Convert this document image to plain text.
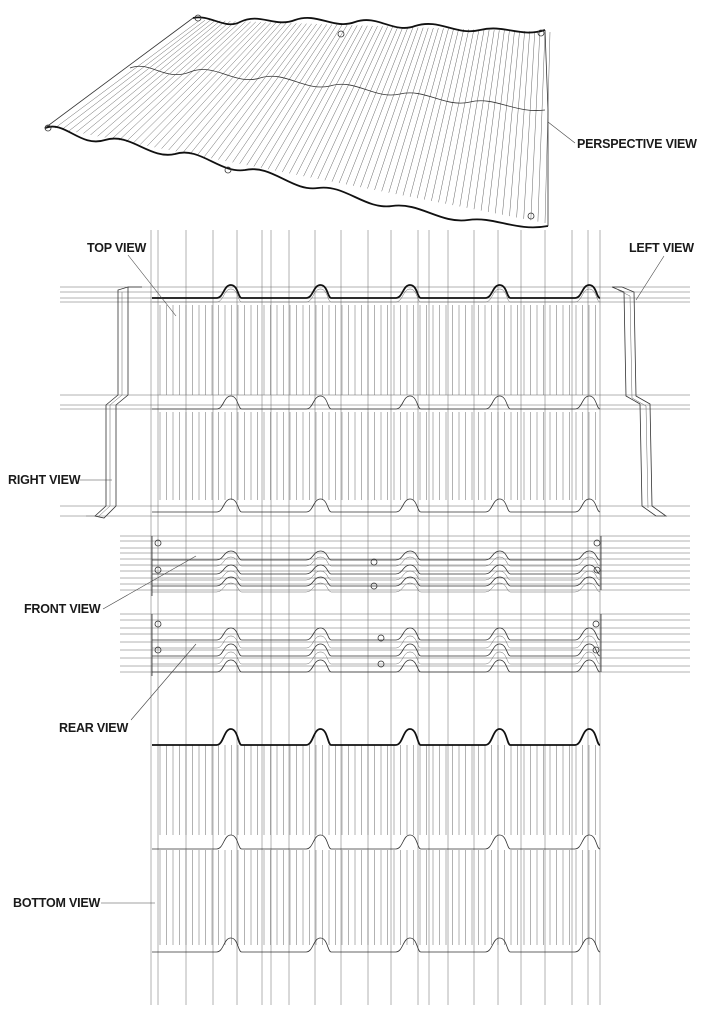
PERSPECTIVE VIEW
TOP VIEW	LEFT VIEW
RIGHT VIEW
FRONT VIEW
REAR VIEW
BOTTOM VIEW
